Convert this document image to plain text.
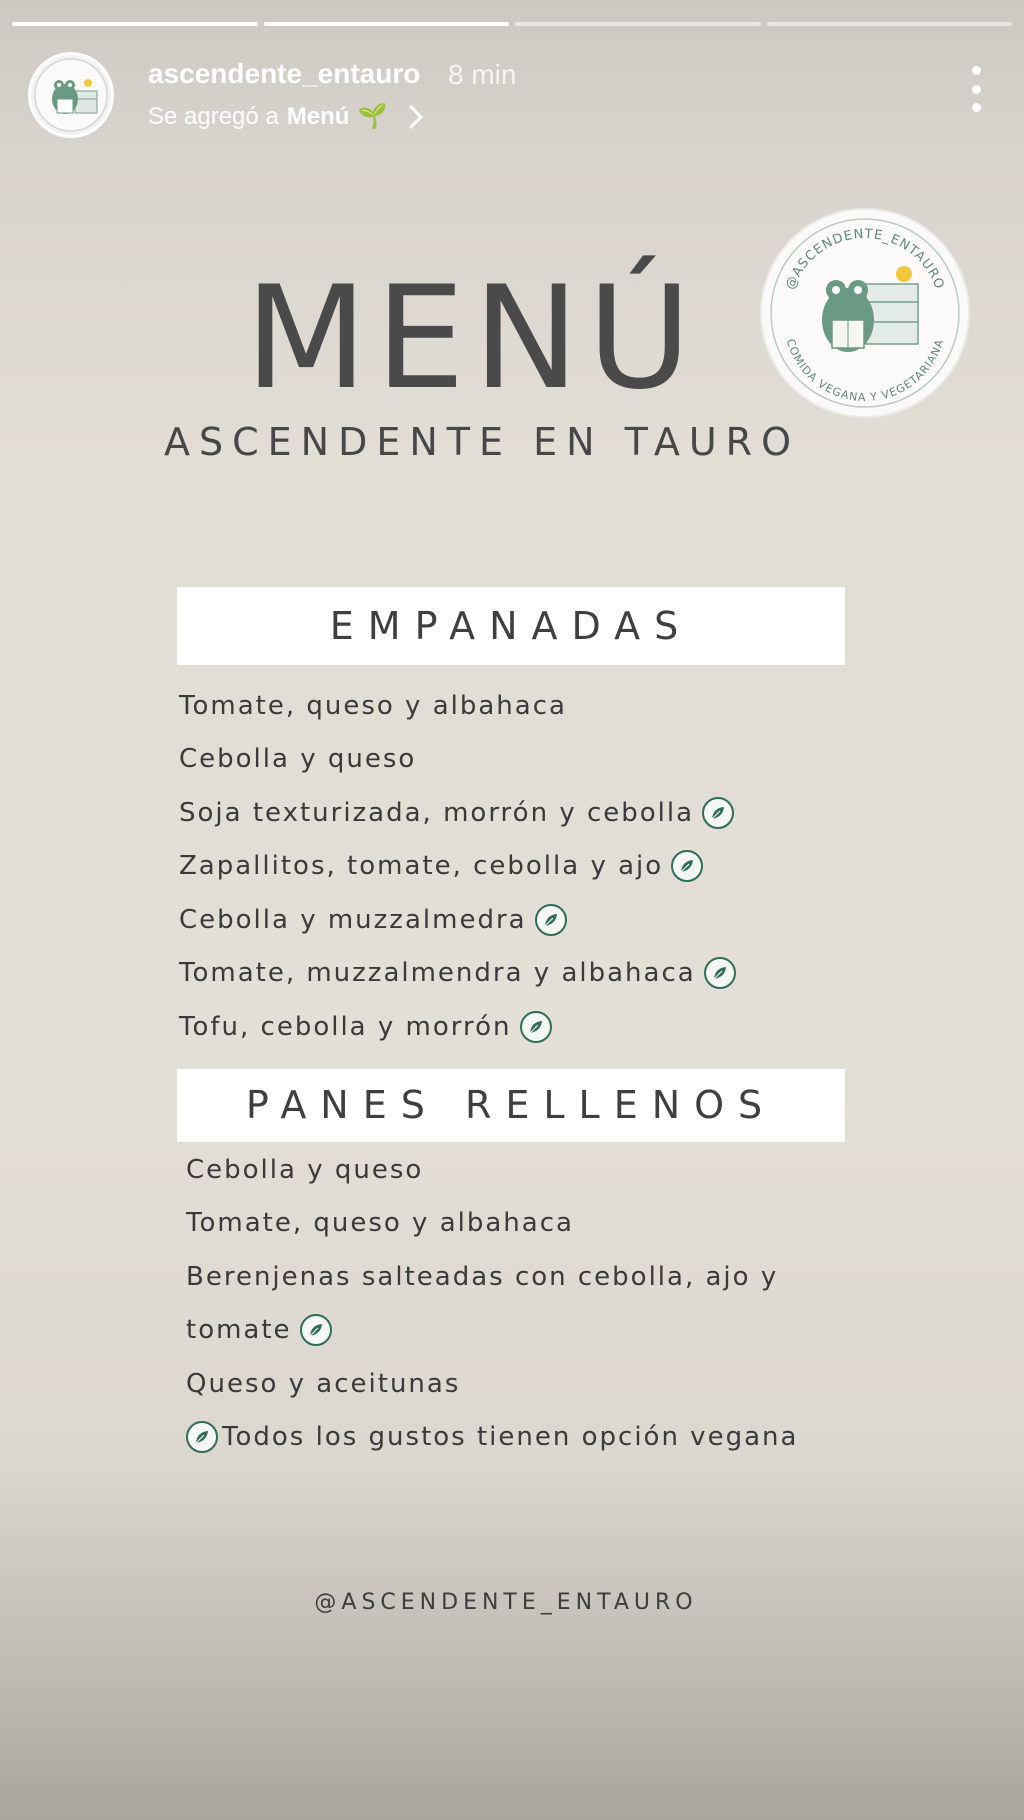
ascendente_entauro 8 min
Se agregó a Menú 🌱
MENÚ
ASCENDENTE EN TAURO
@ASCENDENTE_ENTAURO
COMIDA VEGANA Y VEGETARIANA
EMPANADAS
Tomate, queso y albahaca
Cebolla y queso
Soja texturizada, morrón y cebolla
Zapallitos, tomate, cebolla y ajo
Cebolla y muzzalmedra
Tomate, muzzalmendra y albahaca
Tofu, cebolla y morrón
PANES RELLENOS
Cebolla y queso
Tomate, queso y albahaca
Berenjenas salteadas con cebolla, ajo y
tomate
Queso y aceitunas
Todos los gustos tienen opción vegana
@ASCENDENTE_ENTAURO
